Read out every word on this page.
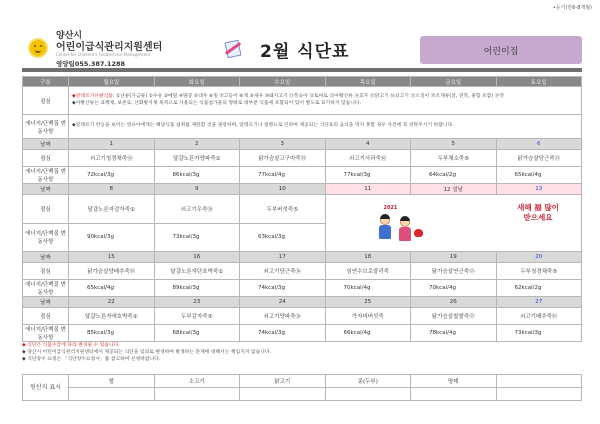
•등기(만6-8개월)
양산시
어린이급식관리지원센터
Center for Children's Foodservice Management
영양팀055.387.1288
2월 식단표	어린이집
구분	월요일	화요일	수요일	목요일	금요일	토요일
점심	◆알레르기유발식품: ①난류(가금류) ②우유 ③메밀 ④땅콩 ⑤대두 ⑥밀 ⑦고등어 ⑧게 ⑨새우 ⑩돼지고기 ⑪복숭아 ⑫토마토 ⑬아황산류 ⑭호두 ⑮닭고기 ⑯쇠고기 ⑰오징어 ⑱조개류(굴, 전복, 홍합 포함) ⑲잣
◆아황산류는 표백제, 보존료, 산화방지제 목적으로 사용되는 식품첨가물의 형태로 대부분 식품에 포함되어 있어 별도로 표기하지 않습니다.					
에너지/단백질 변동사항	◆알레르기 반응을 보이는 영유아에게는 해당식품 섭취를 제한할 것을 권장하며, 알레르기나 질병으로 인하여 제공되는 식단표의 음식을 먹지 못할 경우 사전에 꼭 연락주시기 바랍니다.					
날짜	1	2	3	4	5	6
점심	쇠고기청경채죽⑯	달걀노른자양파죽①	닭가슴살고구마죽⑮	쇠고기사과죽⑯	두부채소죽⑤	닭가슴살당근죽⑮
에너지/단백질 변동사항	72kcal/3g	86kcal/3g	77kcal/4g	77kcal/3g	64kcal/2g	65kcal/4g
날짜	8	9	10	11	12 설날	13
점심	달걀노른자감자죽①	쇠고기우죽⑯	두부버섯죽⑤	2021 새해 福 많이 받으세요		

에너지/단백질 변동사항	90kcal/3g	73kcal/3g	63kcal/3g			
날짜	15	16	17	18	19	20
점심	닭가슴살양배추죽⑮	달걀노른자단호박죽①	쇠고기당근죽⑯	임연수브로콜리죽	닭가슴살연근죽⑮	두부청경채죽⑤
에너지/단백질 변동사항	65kcal/4g	89kcal/3g	74kcal/3g	70kcal/4g	70kcal/4g	62kcal/2g
날짜	22	23	24	25	26	27
점심	달걀노른자애호박죽①	두부감자죽⑤	쇠고기양파죽⑯	가자미버섯죽	닭가슴살찹쌀죽⑮	쇠고기배추죽⑯
에너지/단백질 변동사항	85kcal/3g	68kcal/3g	74kcal/3g	66kcal/4g	78kcal/4g	73kcal/3g
◆ 식단은 식품수급에 따라 변경될 수 있습니다.
◆ 양산시 어린이급식관리지원센터에서 제공되는 식단을 임의로 변경하여 발생하는 문제에 대해서는 책임지지 않습니다.
◆ 식단장수 요청은 「식단장수요청서」를 참고하여 신청바랍니다.
원산지 표시	쌀	소고기	닭고기	콩(두부)	명태	
